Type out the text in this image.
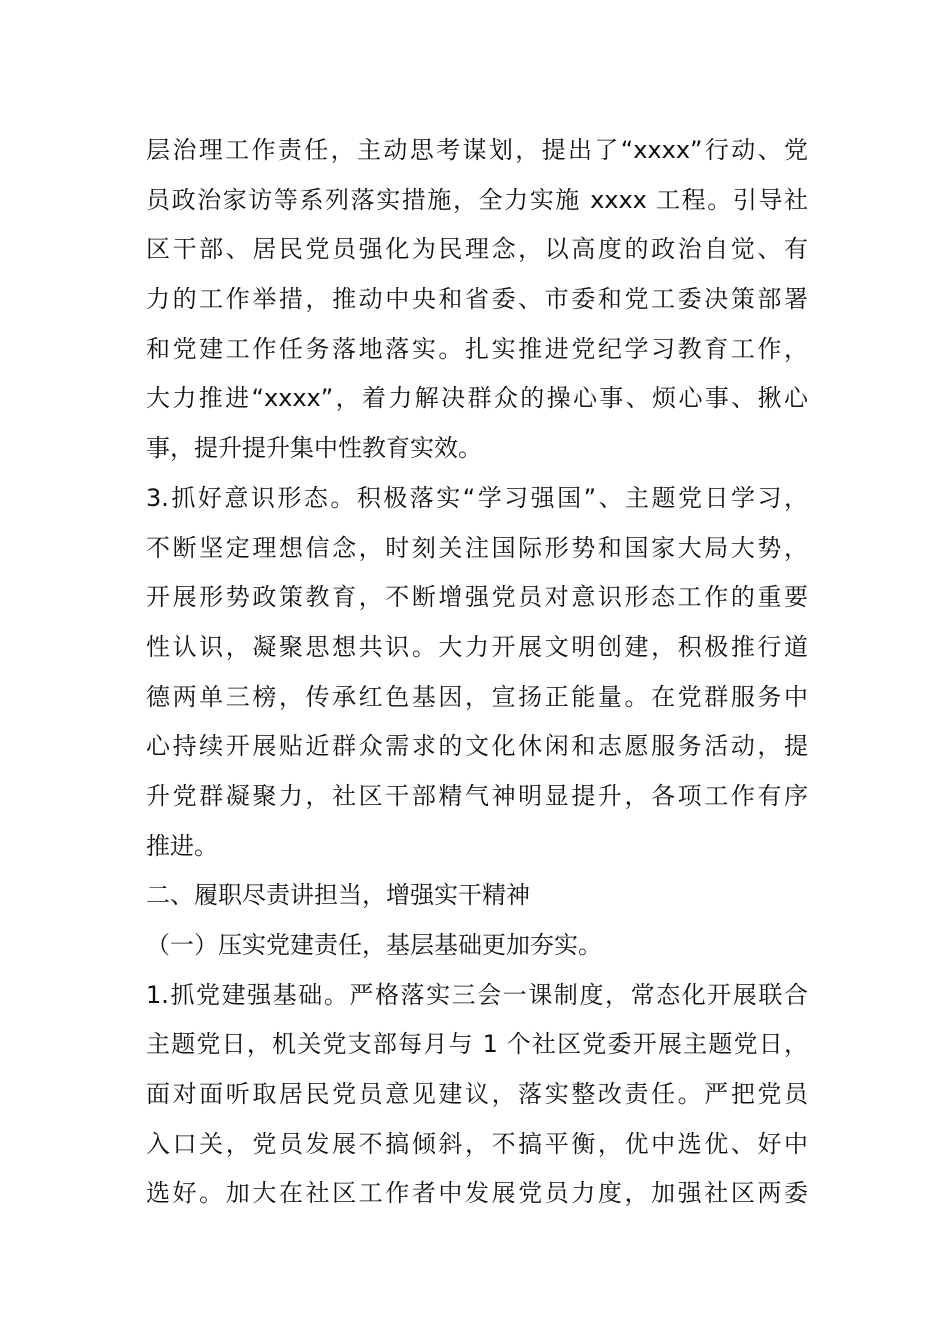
层治理工作责任，主动思考谋划，提出了“xxxx”行动、党
员政治家访等系列落实措施，全力实施 xxxx 工程。引导社
区干部、居民党员强化为民理念，以高度的政治自觉、有
力的工作举措，推动中央和省委、市委和党工委决策部署
和党建工作任务落地落实。扎实推进党纪学习教育工作，
大力推进“xxxx”，着力解决群众的操心事、烦心事、揪心
事，提升提升集中性教育实效。
3.抓好意识形态。积极落实“学习强国”、主题党日学习，
不断坚定理想信念，时刻关注国际形势和国家大局大势，
开展形势政策教育，不断增强党员对意识形态工作的重要
性认识，凝聚思想共识。大力开展文明创建，积极推行道
德两单三榜，传承红色基因，宣扬正能量。在党群服务中
心持续开展贴近群众需求的文化休闲和志愿服务活动，提
升党群凝聚力，社区干部精气神明显提升，各项工作有序
推进。
二、履职尽责讲担当，增强实干精神
（一）压实党建责任，基层基础更加夯实。
1.抓党建强基础。严格落实三会一课制度，常态化开展联合
主题党日，机关党支部每月与 1 个社区党委开展主题党日，
面对面听取居民党员意见建议，落实整改责任。严把党员
入口关，党员发展不搞倾斜，不搞平衡，优中选优、好中
选好。加大在社区工作者中发展党员力度，加强社区两委
